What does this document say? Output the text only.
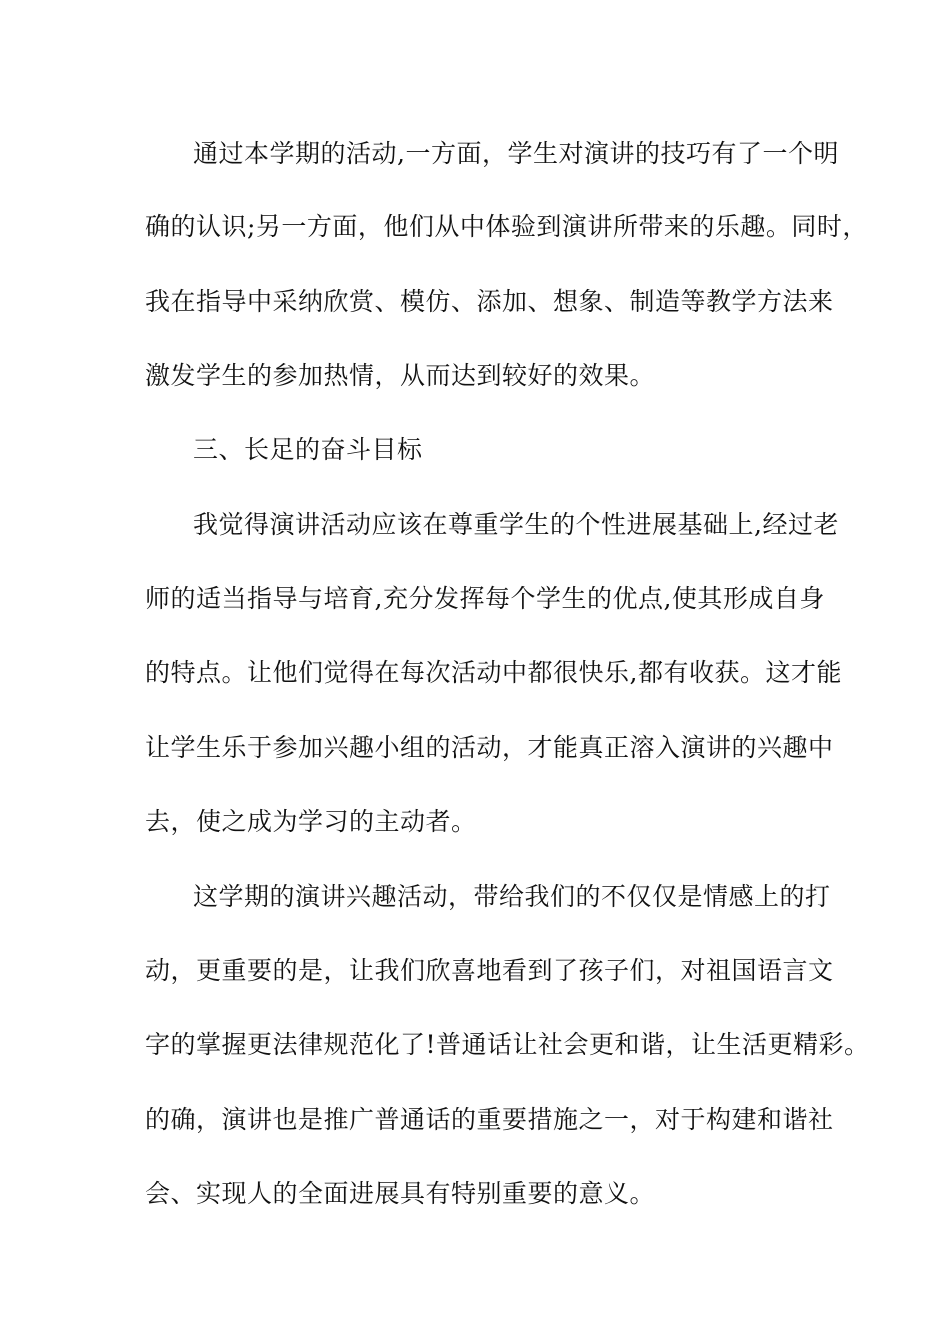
通过本学期的活动,一方面，学生对演讲的技巧有了一个明
确的认识;另一方面，他们从中体验到演讲所带来的乐趣。同时，
我在指导中采纳欣赏、模仿、添加、想象、制造等教学方法来
激发学生的参加热情，从而达到较好的效果。
三、长足的奋斗目标
我觉得演讲活动应该在尊重学生的个性进展基础上,经过老
师的适当指导与培育,充分发挥每个学生的优点,使其形成自身
的特点。让他们觉得在每次活动中都很快乐,都有收获。这才能
让学生乐于参加兴趣小组的活动，才能真正溶入演讲的兴趣中
去，使之成为学习的主动者。
这学期的演讲兴趣活动，带给我们的不仅仅是情感上的打
动，更重要的是，让我们欣喜地看到了孩子们，对祖国语言文
字的掌握更法律规范化了!普通话让社会更和谐，让生活更精彩。
的确，演讲也是推广普通话的重要措施之一，对于构建和谐社
会、实现人的全面进展具有特别重要的意义。
